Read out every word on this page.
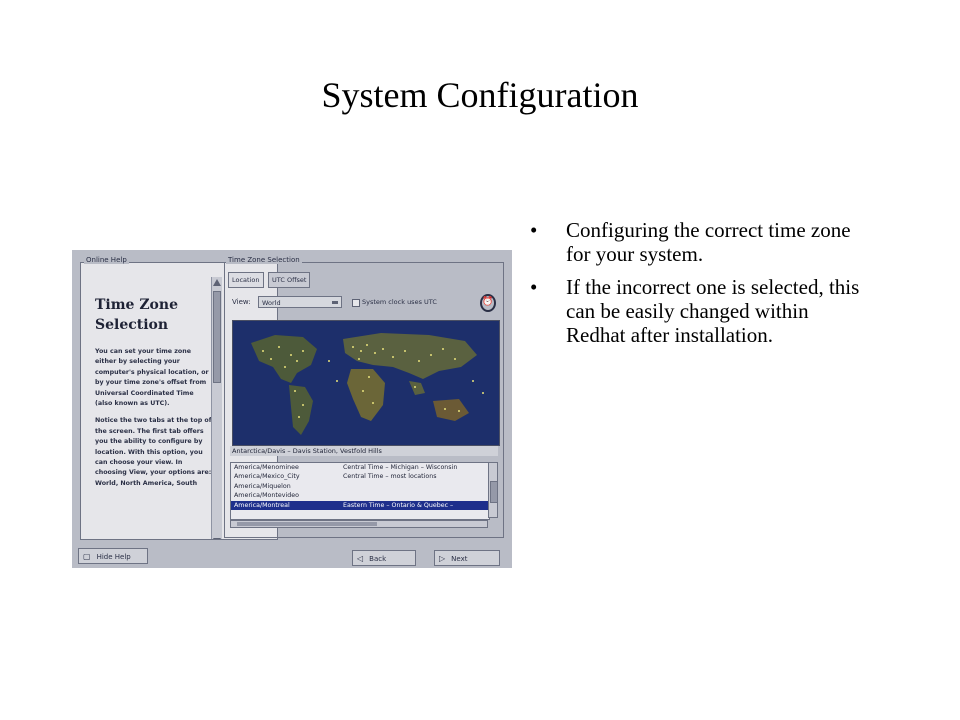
System Configuration
• Configuring the correct time zone for your system.
• If the incorrect one is selected, this can be easily changed within Redhat after installation.
Time Zone Selection

You can set your time zone either by selecting your computer's physical location, or by your time zone's offset from Universal Coordinated Time (also known as UTC).

Notice the two tabs at the top of the screen. The first tab offers you the ability to configure by location. With this option, you can choose your view. In choosing View, your options are: World, North America, South

Online Help	Time Zone Selection
Location	UTC Offset
View:	World	System clock uses UTC	⏰
Antarctica/Davis – Davis Station, Vestfold Hills
America/Menominee	Central Time – Michigan – Wisconsin
America/Mexico_City	Central Time – most locations
America/Miquelon
America/Montevideo
America/Montreal	Eastern Time – Ontario & Quebec –
▢ Hide Help	◁ Back	▷ Next
